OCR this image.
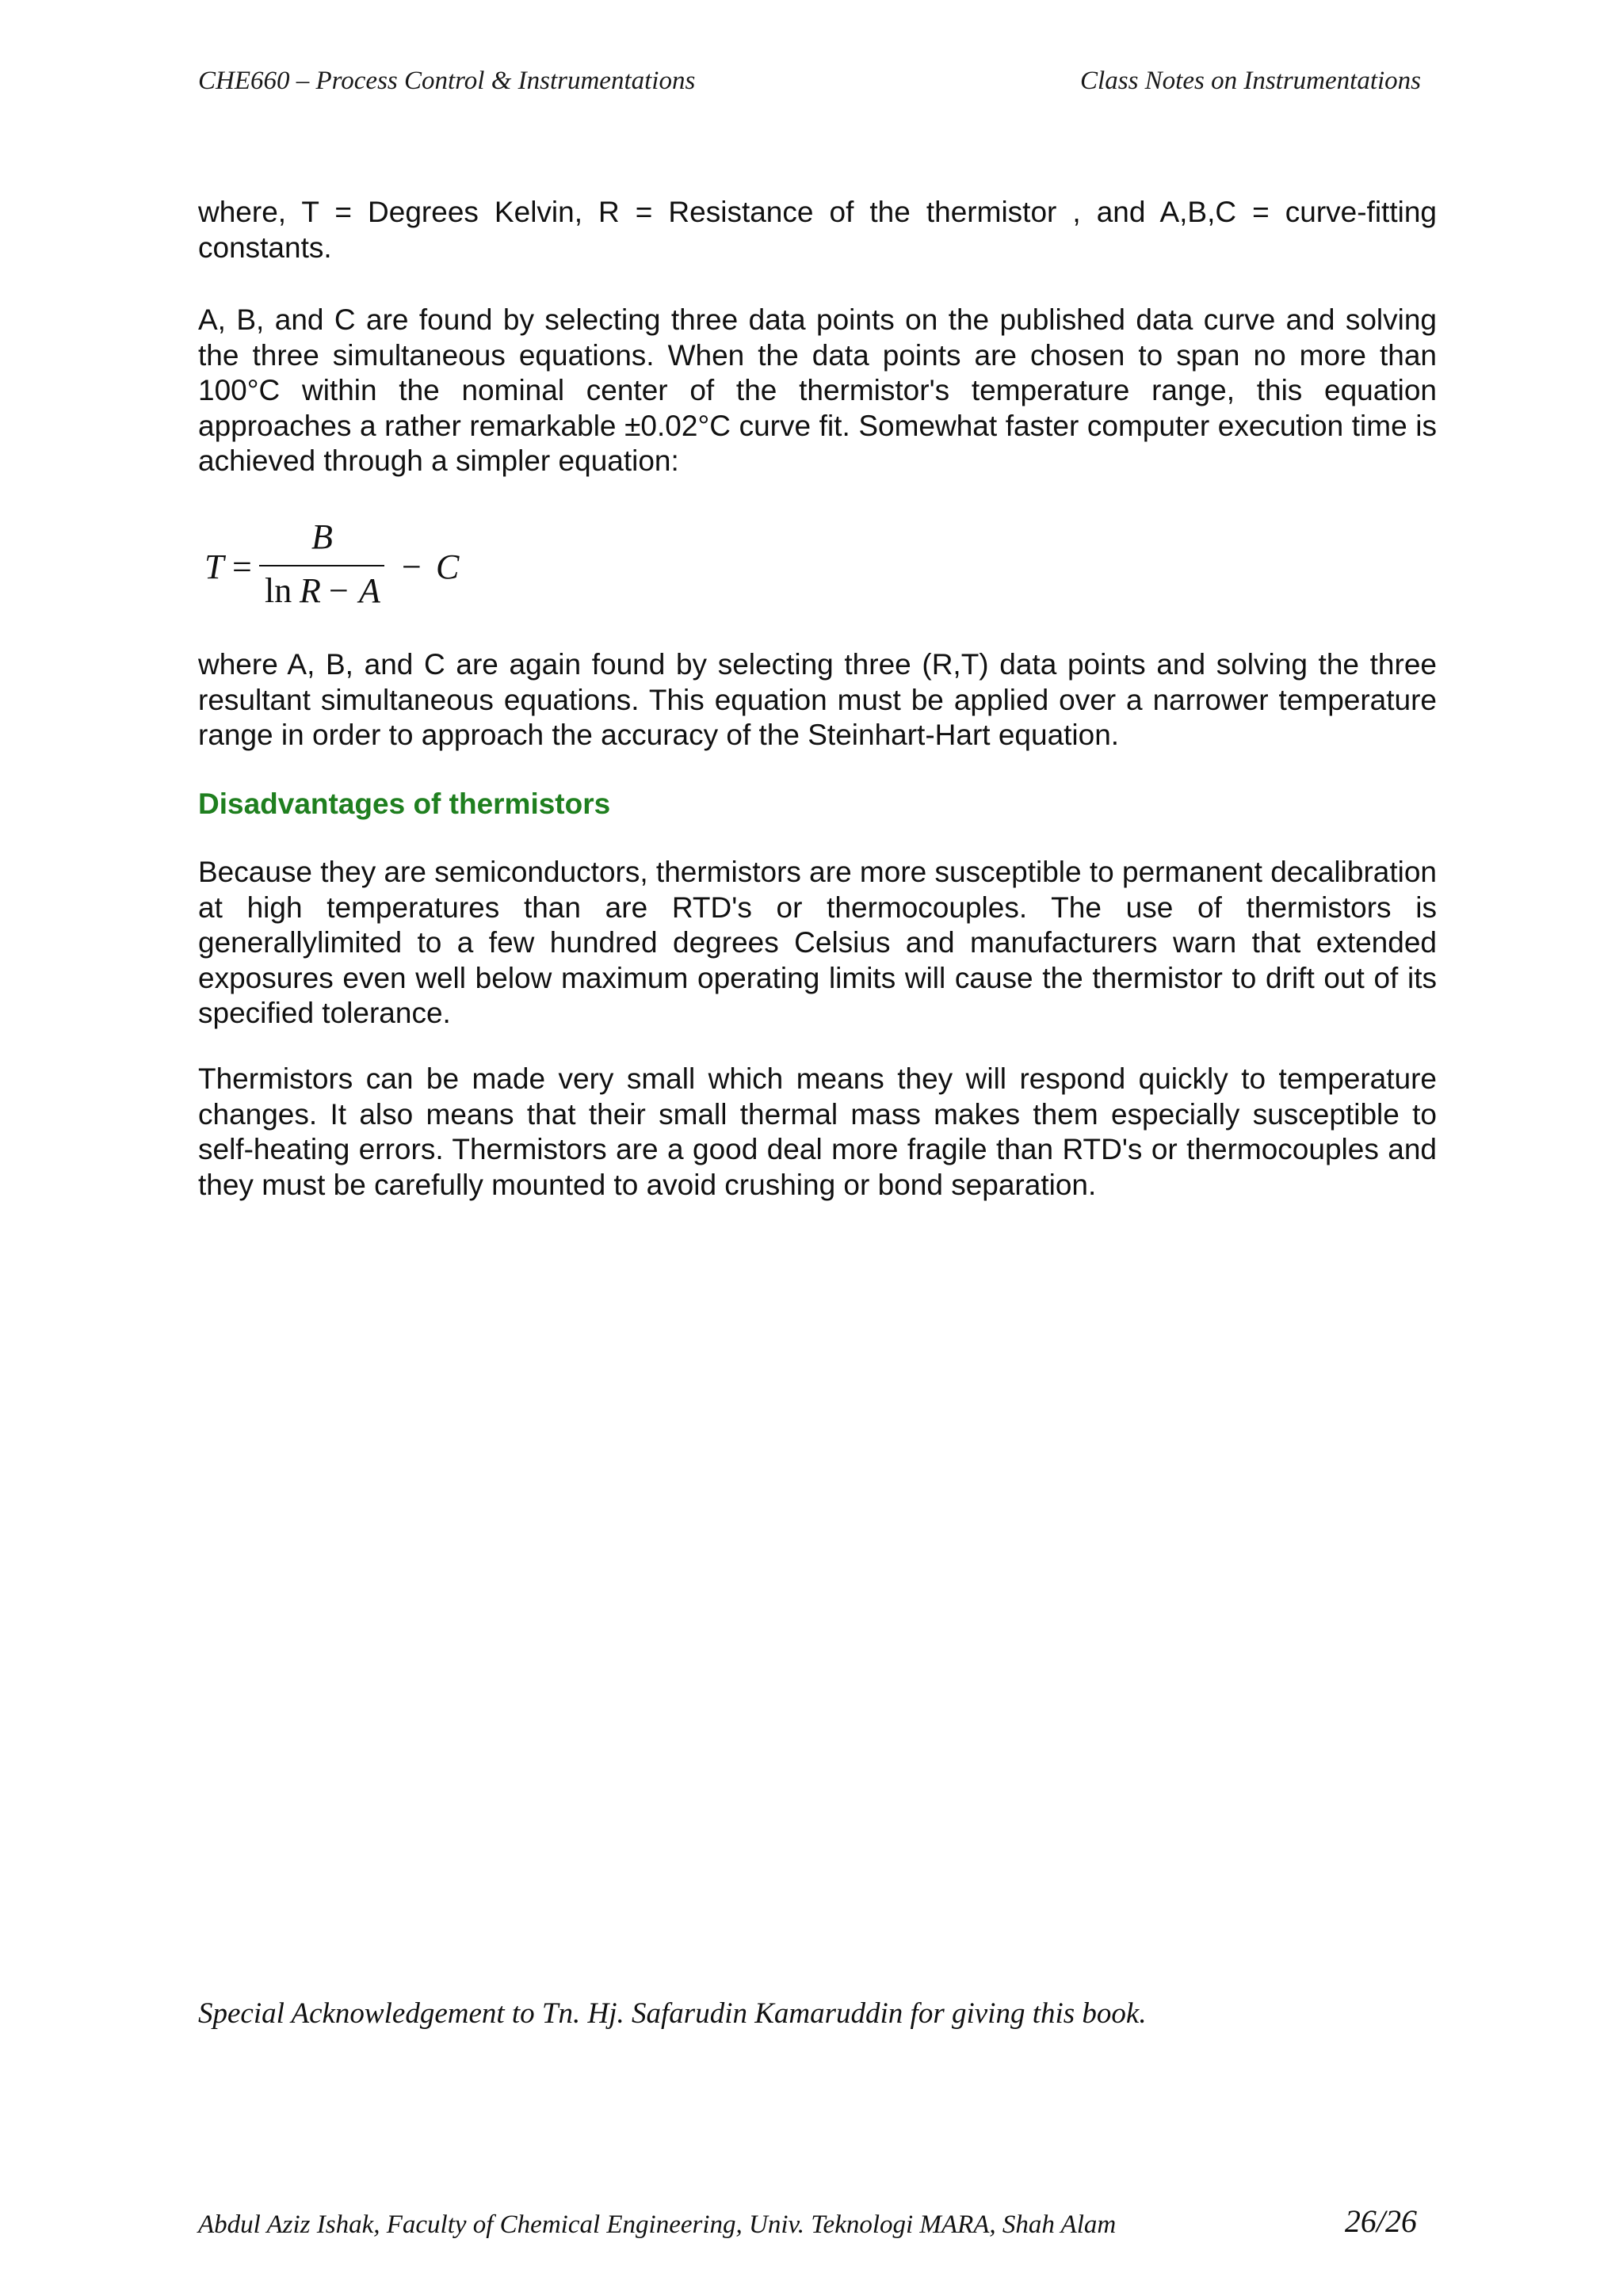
CHE660 – Process Control & Instrumentations	Class Notes on Instrumentations

where, T = Degrees Kelvin, R = Resistance of the thermistor , and A,B,C = curve-fitting constants.

A, B, and C are found by selecting three data points on the published data curve and solving the three simultaneous equations. When the data points are chosen to span no more than 100°C within the nominal center of the thermistor's temperature range, this equation approaches a rather remarkable ±0.02°C curve fit. Somewhat faster computer execution time is achieved through a simpler equation:

T =
B
ln R − A
− C

where A, B, and C are again found by selecting three (R,T) data points and solving the three resultant simultaneous equations. This equation must be applied over a narrower temperature range in order to approach the accuracy of the Steinhart-Hart equation.

Disadvantages of thermistors

Because they are semiconductors, thermistors are more susceptible to permanent decalibration at high temperatures than are RTD's or thermocouples. The use of thermistors is generallylimited to a few hundred degrees Celsius and manufacturers warn that extended exposures even well below maximum operating limits will cause the thermistor to drift out of its specified tolerance.

Thermistors can be made very small which means they will respond quickly to temperature changes. It also means that their small thermal mass makes them especially susceptible to self-heating errors. Thermistors are a good deal more fragile than RTD's or thermocouples and they must be carefully mounted to avoid crushing or bond separation.

Special Acknowledgement to Tn. Hj. Safarudin Kamaruddin for giving this book.

Abdul Aziz Ishak, Faculty of Chemical Engineering, Univ. Teknologi MARA, Shah Alam	26/26
